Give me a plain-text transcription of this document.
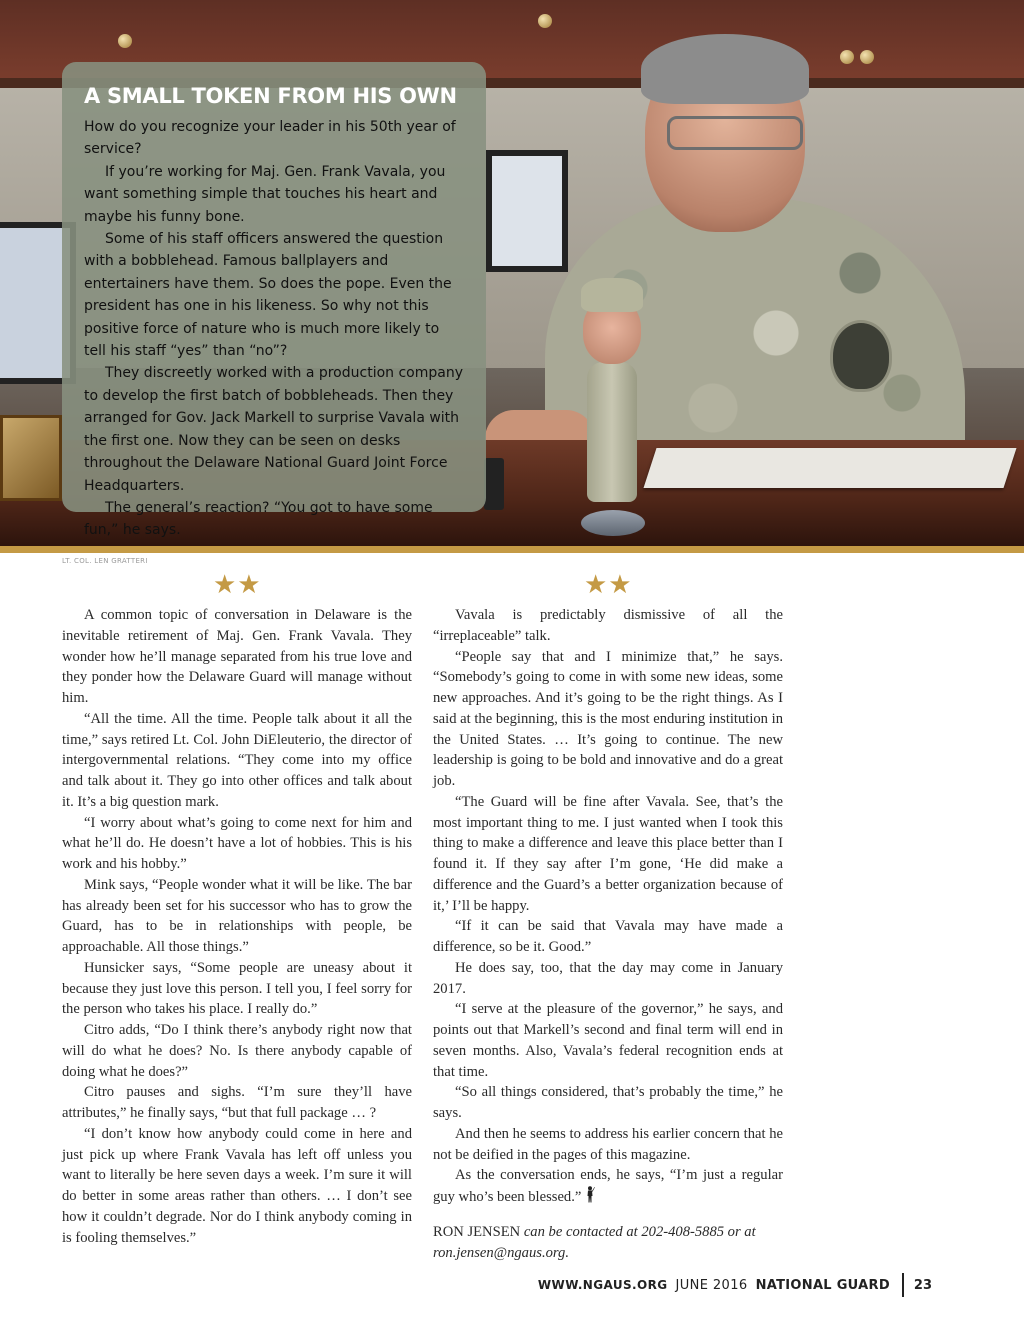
A SMALL TOKEN FROM HIS OWN

How do you recognize your leader in his 50th year of service?

If you’re working for Maj. Gen. Frank Vavala, you want something simple that touches his heart and maybe his funny bone.

Some of his staff officers answered the question with a bobblehead. Famous ballplayers and entertainers have them. So does the pope. Even the president has one in his likeness. So why not this positive force of nature who is much more likely to tell his staff “yes” than “no”?

They discreetly worked with a production company to develop the first batch of bobbleheads. Then they arranged for Gov. Jack Markell to surprise Vavala with the first one. Now they can be seen on desks throughout the Delaware National Guard Joint Force Headquarters.

The general’s reaction? “You got to have some fun,” he says.

LT. COL. LEN GRATTERI
★★	★★

A common topic of conversation in Delaware is the inevitable retirement of Maj. Gen. Frank Vavala. They wonder how he’ll manage separated from his true love and they ponder how the Delaware Guard will manage without him.

“All the time. All the time. People talk about it all the time,” says retired Lt. Col. John DiEleuterio, the director of intergovernmental relations. “They come into my office and talk about it. They go into other offices and talk about it. It’s a big question mark.

“I worry about what’s going to come next for him and what he’ll do. He doesn’t have a lot of hobbies. This is his work and his hobby.”

Mink says, “People wonder what it will be like. The bar has already been set for his successor who has to grow the Guard, has to be in relationships with people, be approachable. All those things.”

Hunsicker says, “Some people are uneasy about it because they just love this person. I tell you, I feel sorry for the person who takes his place. I really do.”

Citro adds, “Do I think there’s anybody right now that will do what he does? No. Is there anybody capable of doing what he does?”

Citro pauses and sighs. “I’m sure they’ll have attributes,” he finally says, “but that full package … ?

“I don’t know how anybody could come in here and just pick up where Frank Vavala has left off unless you want to literally be here seven days a week. I’m sure it will do better in some areas rather than others. … I don’t see how it couldn’t degrade. Nor do I think anybody coming in is fooling themselves.”

Vavala is predictably dismissive of all the “irreplaceable” talk.

“People say that and I minimize that,” he says. “Somebody’s going to come in with some new ideas, some new approaches. And it’s going to be the right things. As I said at the beginning, this is the most enduring institution in the United States. … It’s going to continue. The new leadership is going to be bold and innovative and do a great job.

“The Guard will be fine after Vavala. See, that’s the most important thing to me. I just wanted when I took this thing to make a difference and leave this place better than I found it. If they say after I’m gone, ‘He did make a difference and the Guard’s a better organization because of it,’ I’ll be happy.

“If it can be said that Vavala may have made a difference, so be it. Good.”

He does say, too, that the day may come in January 2017.

“I serve at the pleasure of the governor,” he says, and points out that Markell’s second and final term will end in seven months. Also, Vavala’s federal recognition ends at that time.

“So all things considered, that’s probably the time,” he says.

And then he seems to address his earlier concern that he not be deified in the pages of this magazine.

As the conversation ends, he says, “I’m just a regular guy who’s been blessed.”

RON JENSEN can be contacted at 202-408-5885 or at ron.jensen@ngaus.org.

WWW.NGAUS.ORG JUNE 2016 NATIONAL GUARD 23
